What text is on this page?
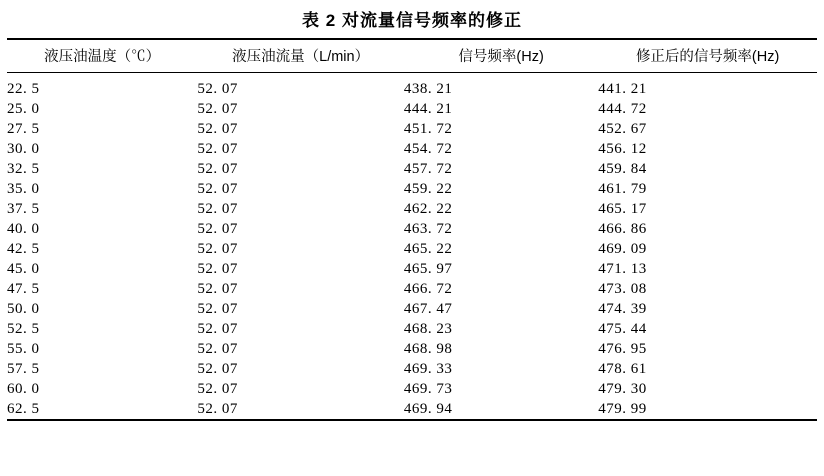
表 2 对流量信号频率的修正
液压油温度（℃）	液压油流量（L/min）	信号频率(Hz)	修正后的信号频率(Hz)

22. 5	52. 07	438. 21	441. 21
25. 0	52. 07	444. 21	444. 72
27. 5	52. 07	451. 72	452. 67
30. 0	52. 07	454. 72	456. 12
32. 5	52. 07	457. 72	459. 84
35. 0	52. 07	459. 22	461. 79
37. 5	52. 07	462. 22	465. 17
40. 0	52. 07	463. 72	466. 86
42. 5	52. 07	465. 22	469. 09
45. 0	52. 07	465. 97	471. 13
47. 5	52. 07	466. 72	473. 08
50. 0	52. 07	467. 47	474. 39
52. 5	52. 07	468. 23	475. 44
55. 0	52. 07	468. 98	476. 95
57. 5	52. 07	469. 33	478. 61
60. 0	52. 07	469. 73	479. 30
62. 5	52. 07	469. 94	479. 99
